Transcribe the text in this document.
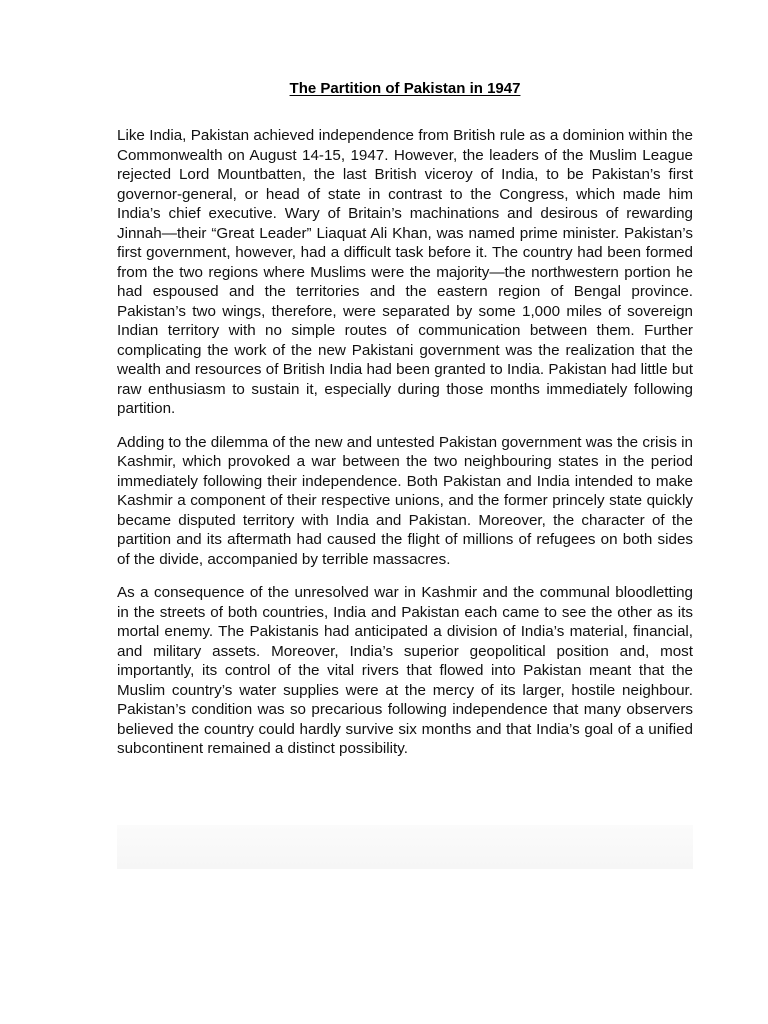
The Partition of Pakistan in 1947

Like India, Pakistan achieved independence from British rule as a dominion within the Commonwealth on August 14-15, 1947. However, the leaders of the Muslim League rejected Lord Mountbatten, the last British viceroy of India, to be Pakistan’s first governor-general, or head of state in contrast to the Congress, which made him India’s chief executive. Wary of Britain’s machinations and desirous of rewarding Jinnah—their “Great Leader” Liaquat Ali Khan, was named prime minister. Pakistan’s first government, however, had a difficult task before it. The country had been formed from the two regions where Muslims were the majority—the northwestern portion he had espoused and the territories and the eastern region of Bengal province. Pakistan’s two wings, therefore, were separated by some 1,000 miles of sovereign Indian territory with no simple routes of communication between them. Further complicating the work of the new Pakistani government was the realization that the wealth and resources of British India had been granted to India. Pakistan had little but raw enthusiasm to sustain it, especially during those months immediately following partition.

Adding to the dilemma of the new and untested Pakistan government was the crisis in Kashmir, which provoked a war between the two neighbouring states in the period immediately following their independence. Both Pakistan and India intended to make Kashmir a component of their respective unions, and the former princely state quickly became disputed territory with India and Pakistan. Moreover, the character of the partition and its aftermath had caused the flight of millions of refugees on both sides of the divide, accompanied by terrible massacres.

As a consequence of the unresolved war in Kashmir and the communal bloodletting in the streets of both countries, India and Pakistan each came to see the other as its mortal enemy. The Pakistanis had anticipated a division of India’s material, financial, and military assets. Moreover, India’s superior geopolitical position and, most importantly, its control of the vital rivers that flowed into Pakistan meant that the Muslim country’s water supplies were at the mercy of its larger, hostile neighbour. Pakistan’s condition was so precarious following independence that many observers believed the country could hardly survive six months and that India’s goal of a unified subcontinent remained a distinct possibility.
